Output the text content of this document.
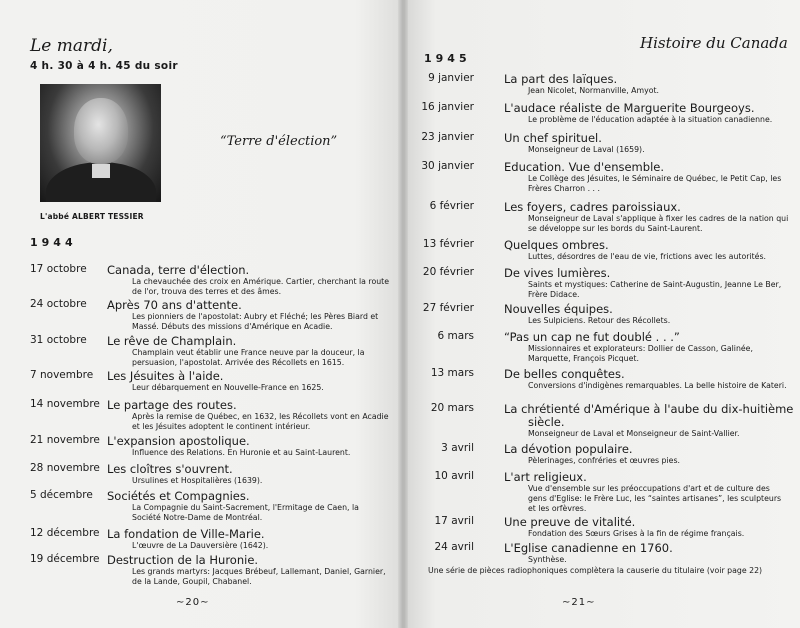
Le mardi,
4 h. 30 à 4 h. 45 du soir
L'abbé ALBERT TESSIER
“Terre d'élection”
1944
17 octobre Canada, terre d'élection.
La chevauchée des croix en Amérique. Cartier, cherchant la route de l'or, trouva des terres et des âmes.
24 octobre Après 70 ans d'attente.
Les pionniers de l'apostolat: Aubry et Fléché; les Pères Biard et Massé. Débuts des missions d'Amérique en Acadie.
31 octobre Le rêve de Champlain.
Champlain veut établir une France neuve par la douceur, la persuasion, l'apostolat. Arrivée des Récollets en 1615.
7 novembre Les Jésuites à l'aide.
Leur débarquement en Nouvelle-France en 1625.
14 novembre Le partage des routes.
Après la remise de Québec, en 1632, les Récollets vont en Acadie et les Jésuites adoptent le continent intérieur.
21 novembre L'expansion apostolique.
Influence des Relations. En Huronie et au Saint-Laurent.
28 novembre Les cloîtres s'ouvrent.
Ursulines et Hospitalières (1639).
5 décembre Sociétés et Compagnies.
La Compagnie du Saint-Sacrement, l'Ermitage de Caen, la Société Notre-Dame de Montréal.
12 décembre La fondation de Ville-Marie.
L'œuvre de La Dauversière (1642).
19 décembre Destruction de la Huronie.
Les grands martyrs: Jacques Brébeuf, Lallemant, Daniel, Garnier, de la Lande, Goupil, Chabanel.
∼20∼
Histoire du Canada
1945
9 janvier	La part des laïques.
Jean Nicolet, Normanville, Amyot.
16 janvier	L'audace réaliste de Marguerite Bourgeoys.
Le problème de l'éducation adaptée à la situation canadienne.
23 janvier	Un chef spirituel.
Monseigneur de Laval (1659).
30 janvier	Education. Vue d'ensemble.
Le Collège des Jésuites, le Séminaire de Québec, le Petit Cap, les Frères Charron . . .
6 février	Les foyers, cadres paroissiaux.
Monseigneur de Laval s'applique à fixer les cadres de la nation qui se développe sur les bords du Saint-Laurent.
13 février	Quelques ombres.
Luttes, désordres de l'eau de vie, frictions avec les autorités.
20 février	De vives lumières.
Saints et mystiques: Catherine de Saint-Augustin, Jeanne Le Ber, Frère Didace.
27 février	Nouvelles équipes.
Les Sulpiciens. Retour des Récollets.
6 mars	“Pas un cap ne fut doublé . . .”
Missionnaires et explorateurs: Dollier de Casson, Galinée, Marquette, François Picquet.
13 mars	De belles conquêtes.
Conversions d'indigènes remarquables. La belle histoire de Kateri.
20 mars	La chrétienté d'Amérique à l'aube du dix-huitième
siècle.
Monseigneur de Laval et Monseigneur de Saint-Vallier.
3 avril	La dévotion populaire.
Pèlerinages, confréries et œuvres pies.
10 avril	L'art religieux.
Vue d'ensemble sur les préoccupations d'art et de culture des gens d'Eglise: le Frère Luc, les “saintes artisanes”, les sculpteurs et les orfèvres.
17 avril	Une preuve de vitalité.
Fondation des Sœurs Grises à la fin de régime français.
24 avril	L'Eglise canadienne en 1760.
Synthèse.
Une série de pièces radiophoniques complètera la causerie du titulaire (voir page 22)
∼21∼
